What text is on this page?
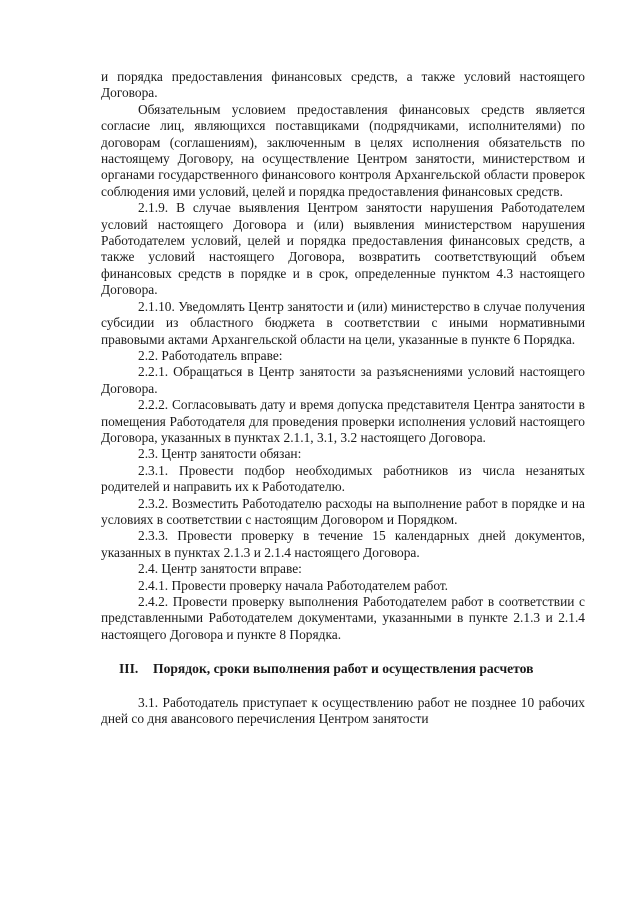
и порядка предоставления финансовых средств, а также условий настоящего Договора.

Обязательным условием предоставления финансовых средств является согласие лиц, являющихся поставщиками (подрядчиками, исполнителями) по договорам (соглашениям), заключенным в целях исполнения обязательств по настоящему Договору, на осуществление Центром занятости, министерством и органами государственного финансового контроля Архангельской области проверок соблюдения ими условий, целей и порядка предоставления финансовых средств.

2.1.9. В случае выявления Центром занятости нарушения Работодателем условий настоящего Договора и (или) выявления министерством нарушения Работодателем условий, целей и порядка предоставления финансовых средств, а также условий настоящего Договора, возвратить соответствующий объем финансовых средств в порядке и в срок, определенные пунктом 4.3 настоящего Договора.

2.1.10. Уведомлять Центр занятости и (или) министерство в случае получения субсидии из областного бюджета в соответствии с иными нормативными правовыми актами Архангельской области на цели, указанные в пункте 6 Порядка.

2.2. Работодатель вправе:

2.2.1. Обращаться в Центр занятости за разъяснениями условий настоящего Договора.

2.2.2. Согласовывать дату и время допуска представителя Центра занятости в помещения Работодателя для проведения проверки исполнения условий настоящего Договора, указанных в пунктах 2.1.1, 3.1, 3.2 настоящего Договора.

2.3. Центр занятости обязан:

2.3.1. Провести подбор необходимых работников из числа незанятых родителей и направить их к Работодателю.

2.3.2. Возместить Работодателю расходы на выполнение работ в порядке и на условиях в соответствии с настоящим Договором и Порядком.

2.3.3. Провести проверку в течение 15 календарных дней документов, указанных в пунктах 2.1.3 и 2.1.4 настоящего Договора.

2.4. Центр занятости вправе:

2.4.1. Провести проверку начала Работодателем работ.

2.4.2. Провести проверку выполнения Работодателем работ в соответствии с представленными Работодателем документами, указанными в пункте 2.1.3 и 2.1.4 настоящего Договора и пункте 8 Порядка.

III. Порядок, сроки выполнения работ и осуществления расчетов

3.1. Работодатель приступает к осуществлению работ не позднее 10 рабочих дней со дня авансового перечисления Центром занятости
